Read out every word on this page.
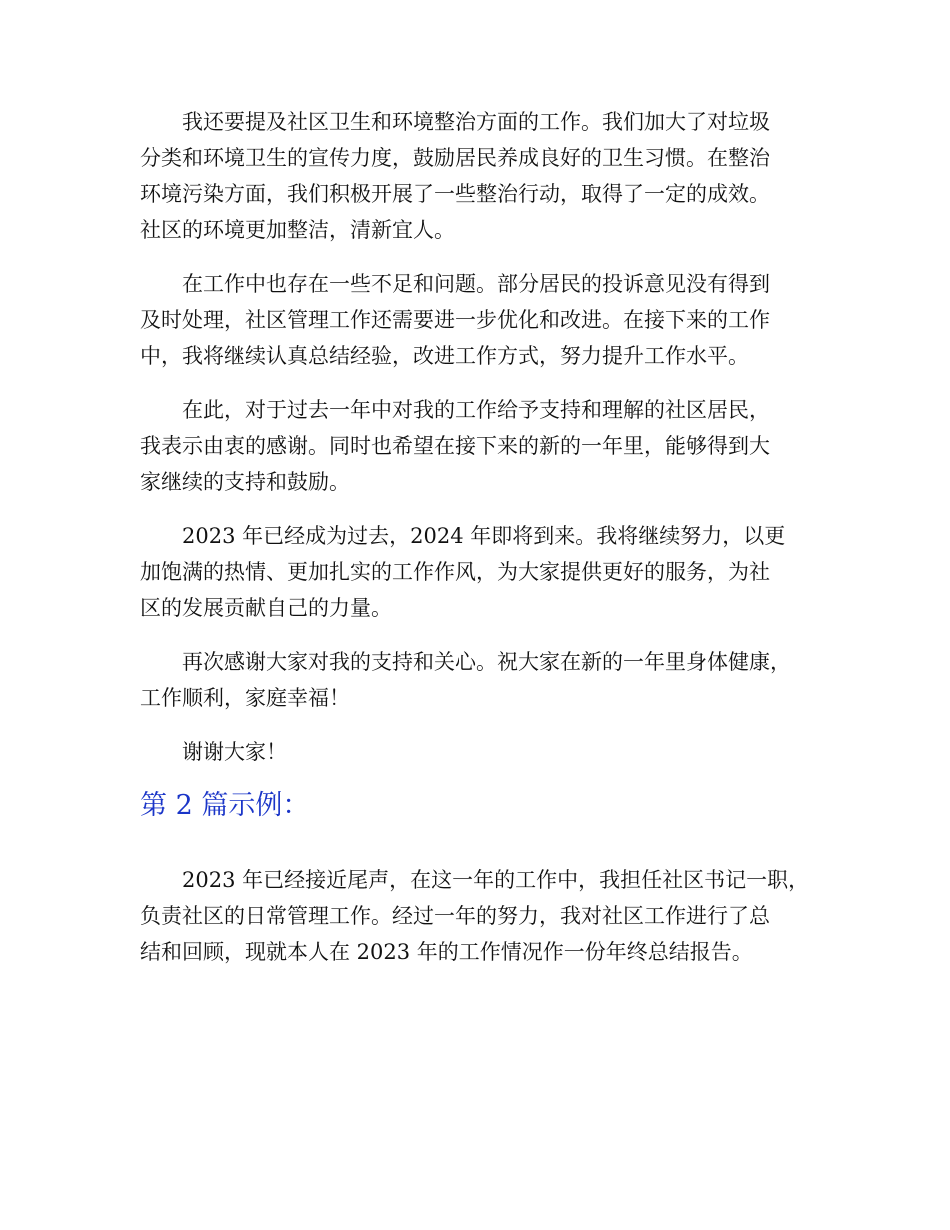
我还要提及社区卫生和环境整治方面的工作。我们加大了对垃圾
分类和环境卫生的宣传力度，鼓励居民养成良好的卫生习惯。在整治
环境污染方面，我们积极开展了一些整治行动，取得了一定的成效。
社区的环境更加整洁，清新宜人。
在工作中也存在一些不足和问题。部分居民的投诉意见没有得到
及时处理，社区管理工作还需要进一步优化和改进。在接下来的工作
中，我将继续认真总结经验，改进工作方式，努力提升工作水平。
在此，对于过去一年中对我的工作给予支持和理解的社区居民，
我表示由衷的感谢。同时也希望在接下来的新的一年里，能够得到大
家继续的支持和鼓励。
2023 年已经成为过去，2024 年即将到来。我将继续努力，以更
加饱满的热情、更加扎实的工作作风，为大家提供更好的服务，为社
区的发展贡献自己的力量。
再次感谢大家对我的支持和关心。祝大家在新的一年里身体健康，
工作顺利，家庭幸福！
谢谢大家！
第 2 篇示例：
2023 年已经接近尾声，在这一年的工作中，我担任社区书记一职，
负责社区的日常管理工作。经过一年的努力，我对社区工作进行了总
结和回顾，现就本人在 2023 年的工作情况作一份年终总结报告。
